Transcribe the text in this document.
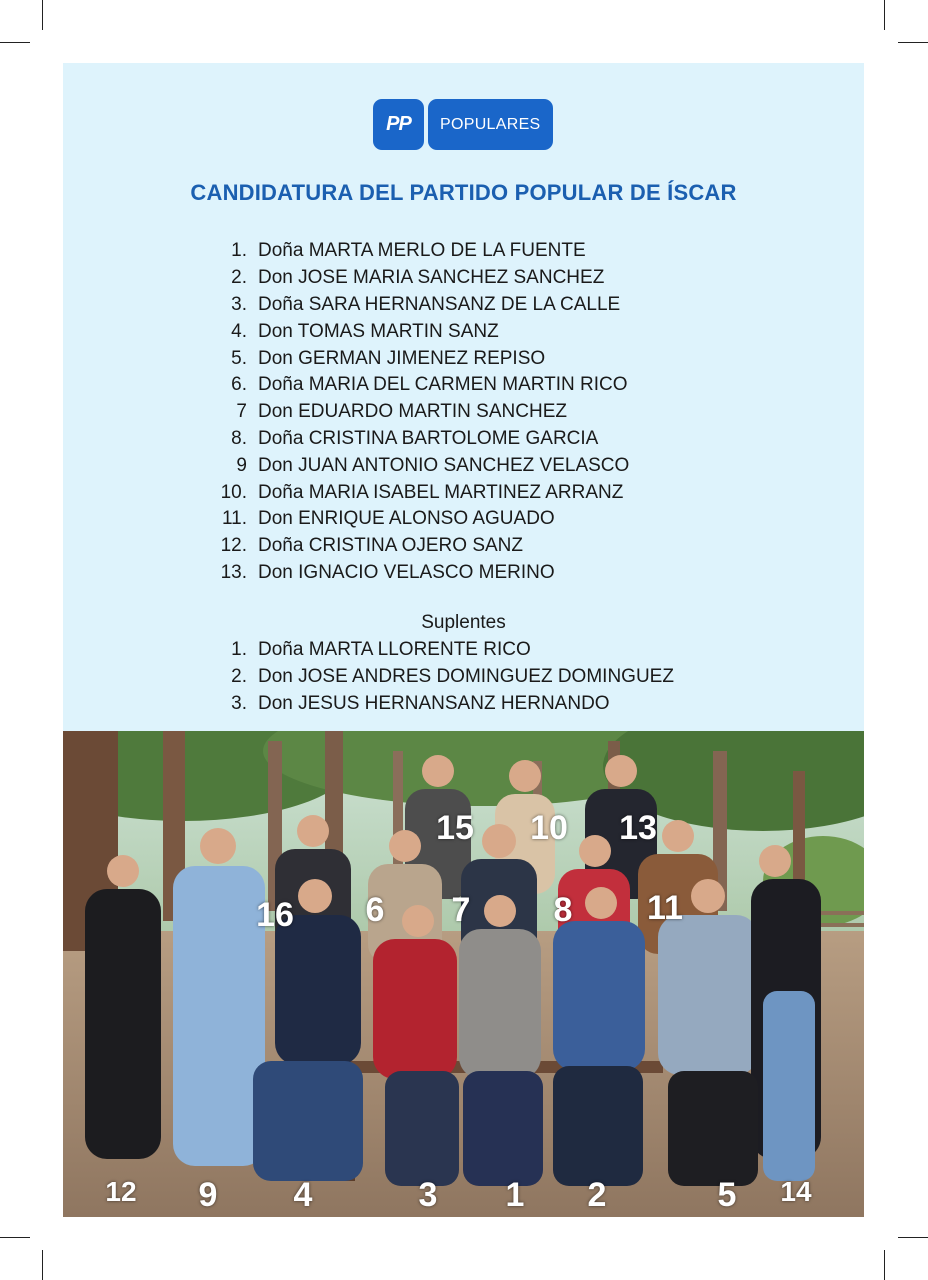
PP	POPULARES
CANDIDATURA DEL PARTIDO POPULAR DE ÍSCAR
1. Doña MARTA MERLO DE LA FUENTE
2. Don JOSE MARIA SANCHEZ SANCHEZ
3. Doña SARA HERNANSANZ DE LA CALLE
4. Don TOMAS MARTIN SANZ
5. Don GERMAN JIMENEZ REPISO
6. Doña MARIA DEL CARMEN MARTIN RICO
7 Don EDUARDO MARTIN SANCHEZ
8. Doña CRISTINA BARTOLOME GARCIA
9 Don JUAN ANTONIO SANCHEZ VELASCO
10. Doña MARIA ISABEL MARTINEZ ARRANZ
11. Don ENRIQUE ALONSO AGUADO
12. Doña CRISTINA OJERO SANZ
13. Don IGNACIO VELASCO MERINO
Suplentes
1. Doña MARTA LLORENTE RICO
2. Don JOSE ANDRES DOMINGUEZ DOMINGUEZ
3. Don JESUS HERNANSANZ HERNANDO
15 10 13
16 6 7 8 11
12 9 4	3 1 2	5 14
